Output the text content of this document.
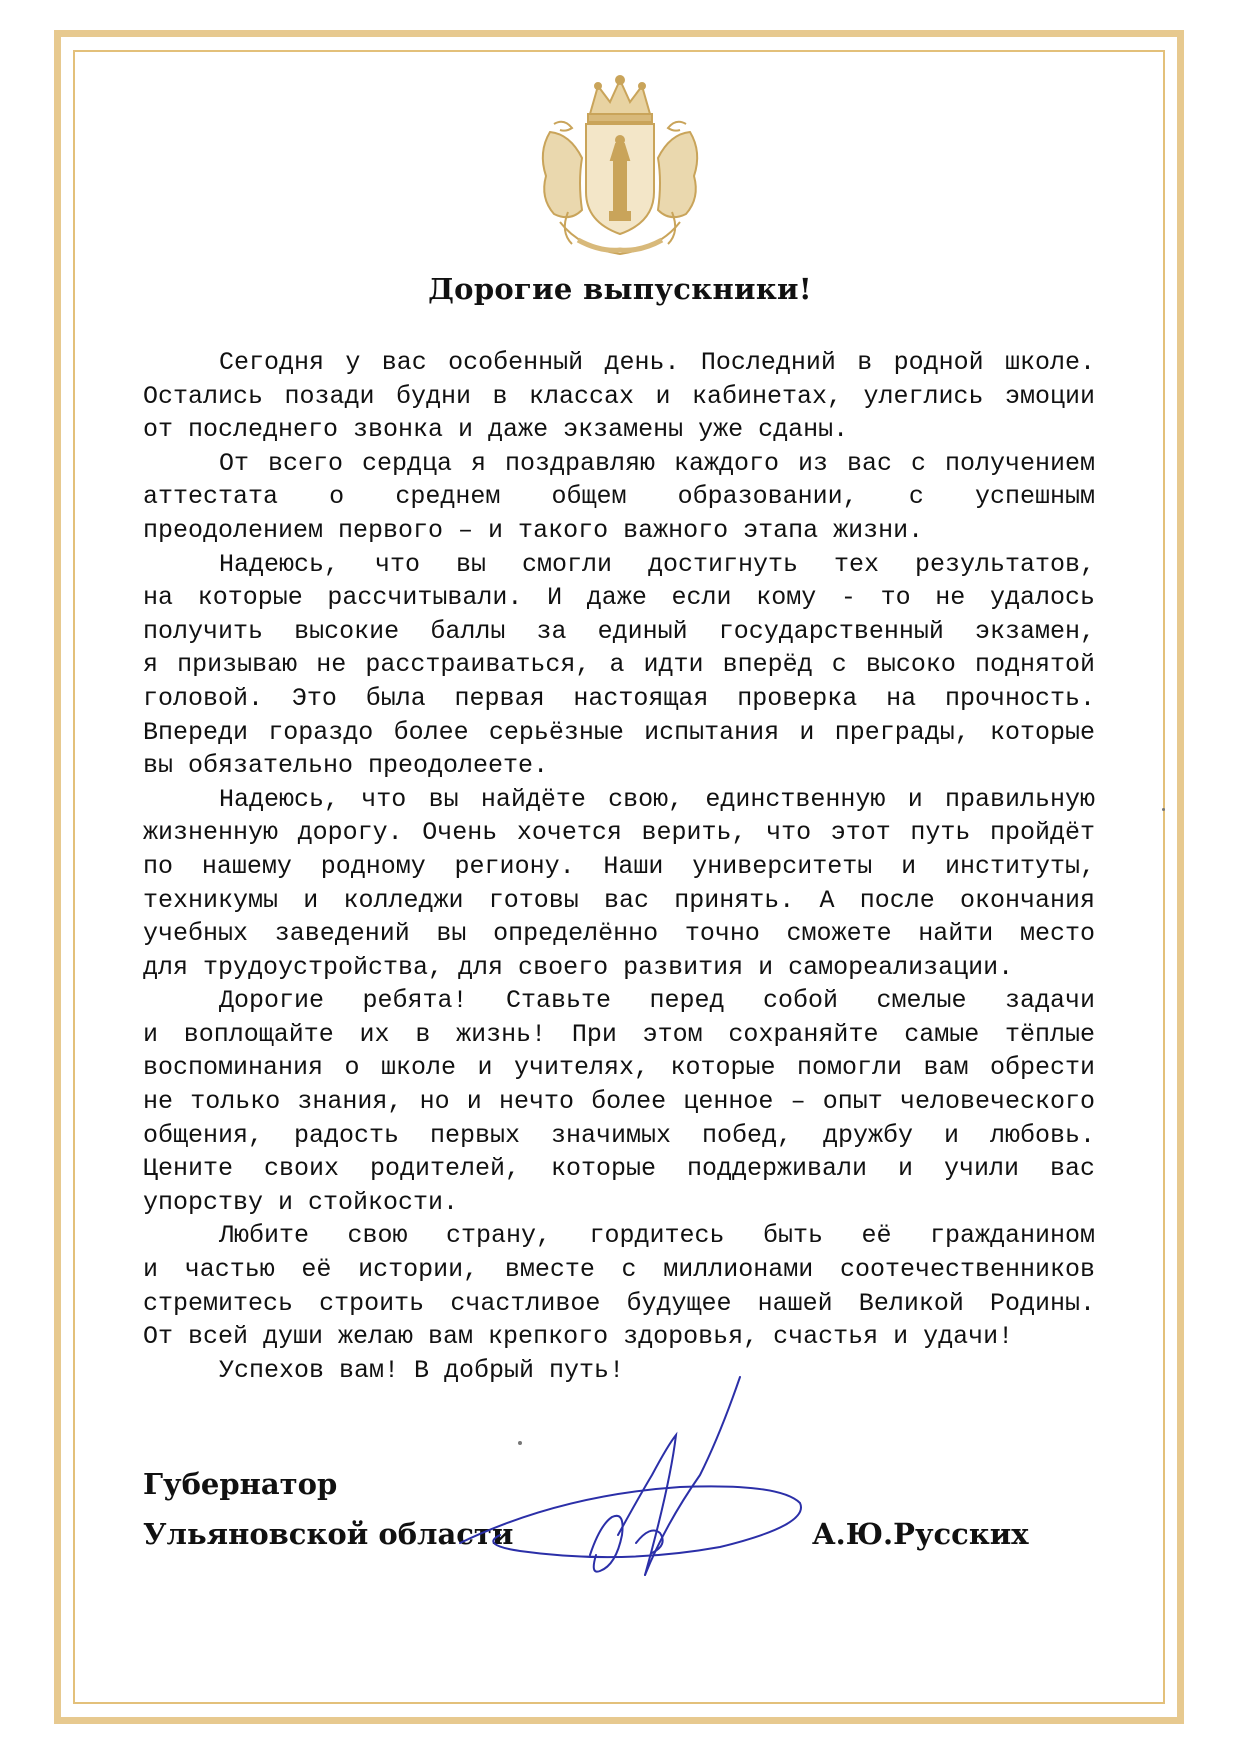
Дорогие выпускники!
Сегодня у вас особенный день. Последний в родной школе.
Остались позади будни в классах и кабинетах, улеглись эмоции
от последнего звонка и даже экзамены уже сданы.
От всего сердца я поздравляю каждого из вас с получением
аттестата о среднем общем образовании, с успешным
преодолением первого – и такого важного этапа жизни.
Надеюсь, что вы смогли достигнуть тех результатов,
на которые рассчитывали. И даже если кому - то не удалось
получить высокие баллы за единый государственный экзамен,
я призываю не расстраиваться, а идти вперёд с высоко поднятой
головой. Это была первая настоящая проверка на прочность.
Впереди гораздо более серьёзные испытания и преграды, которые
вы обязательно преодолеете.
Надеюсь, что вы найдёте свою, единственную и правильную
жизненную дорогу. Очень хочется верить, что этот путь пройдёт
по нашему родному региону. Наши университеты и институты,
техникумы и колледжи готовы вас принять. А после окончания
учебных заведений вы определённо точно сможете найти место
для трудоустройства, для своего развития и самореализации.
Дорогие ребята! Ставьте перед собой смелые задачи
и воплощайте их в жизнь! При этом сохраняйте самые тёплые
воспоминания о школе и учителях, которые помогли вам обрести
не только знания, но и нечто более ценное – опыт человеческого
общения, радость первых значимых побед, дружбу и любовь.
Цените своих родителей, которые поддерживали и учили вас
упорству и стойкости.
Любите свою страну, гордитесь быть её гражданином
и частью её истории, вместе с миллионами соотечественников
стремитесь строить счастливое будущее нашей Великой Родины.
От всей души желаю вам крепкого здоровья, счастья и удачи!
Успехов вам! В добрый путь!
Губернатор
Ульяновской области	А.Ю.Русских
